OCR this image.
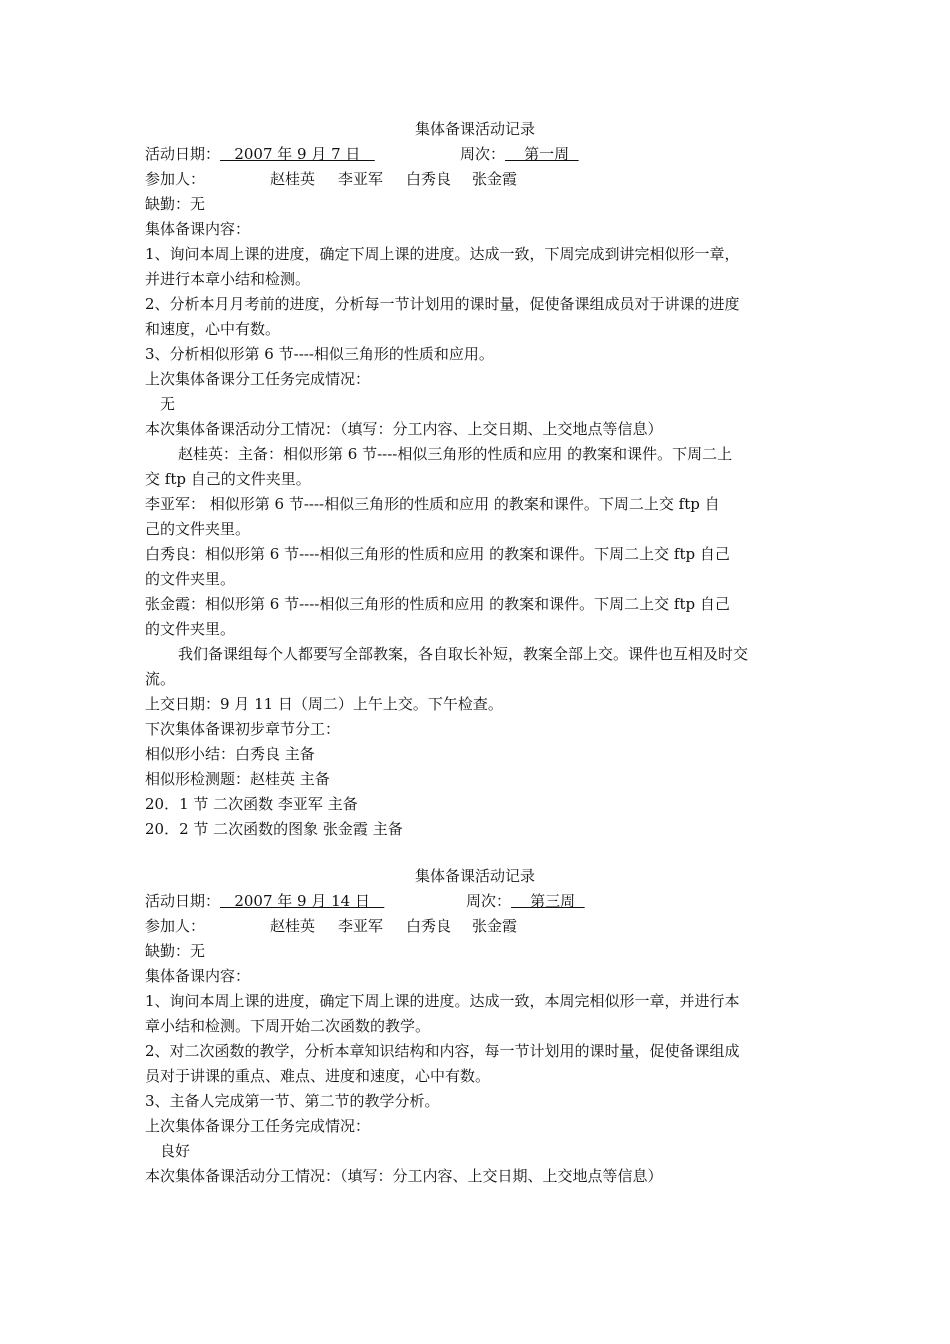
集体备课活动记录
活动日期：   2007 年 9 月 7 日	周次：    第一周
参加人：	赵桂英 李亚军 白秀良 张金霞
缺勤：无
集体备课内容：
1、询问本周上课的进度，确定下周上课的进度。达成一致，下周完成到讲完相似形一章，
并进行本章小结和检测。
2、分析本月月考前的进度，分析每一节计划用的课时量，促使备课组成员对于讲课的进度
和速度，心中有数。
3、分析相似形第 6 节----相似三角形的性质和应用。
上次集体备课分工任务完成情况：
无
本次集体备课活动分工情况：（填写：分工内容、上交日期、上交地点等信息）
赵桂英：主备：相似形第 6 节----相似三角形的性质和应用 的教案和课件。下周二上
交 ftp 自己的文件夹里。
李亚军： 相似形第 6 节----相似三角形的性质和应用 的教案和课件。下周二上交 ftp 自
己的文件夹里。
白秀良：相似形第 6 节----相似三角形的性质和应用 的教案和课件。下周二上交 ftp 自己
的文件夹里。
张金霞：相似形第 6 节----相似三角形的性质和应用 的教案和课件。下周二上交 ftp 自己
的文件夹里。
我们备课组每个人都要写全部教案，各自取长补短，教案全部上交。课件也互相及时交
流。
上交日期：9 月 11 日（周二）上午上交。下午检查。
下次集体备课初步章节分工：
相似形小结：白秀良 主备
相似形检测题：赵桂英 主备
20．1 节 二次函数 李亚军 主备
20．2 节 二次函数的图象 张金霞 主备
集体备课活动记录
活动日期：   2007 年 9 月 14 日	周次：    第三周
参加人：	赵桂英 李亚军 白秀良 张金霞
缺勤：无
集体备课内容：
1、询问本周上课的进度，确定下周上课的进度。达成一致，本周完相似形一章，并进行本
章小结和检测。下周开始二次函数的教学。
2、对二次函数的教学，分析本章知识结构和内容，每一节计划用的课时量，促使备课组成
员对于讲课的重点、难点、进度和速度，心中有数。
3、主备人完成第一节、第二节的教学分析。
上次集体备课分工任务完成情况：
良好
本次集体备课活动分工情况：（填写：分工内容、上交日期、上交地点等信息）
